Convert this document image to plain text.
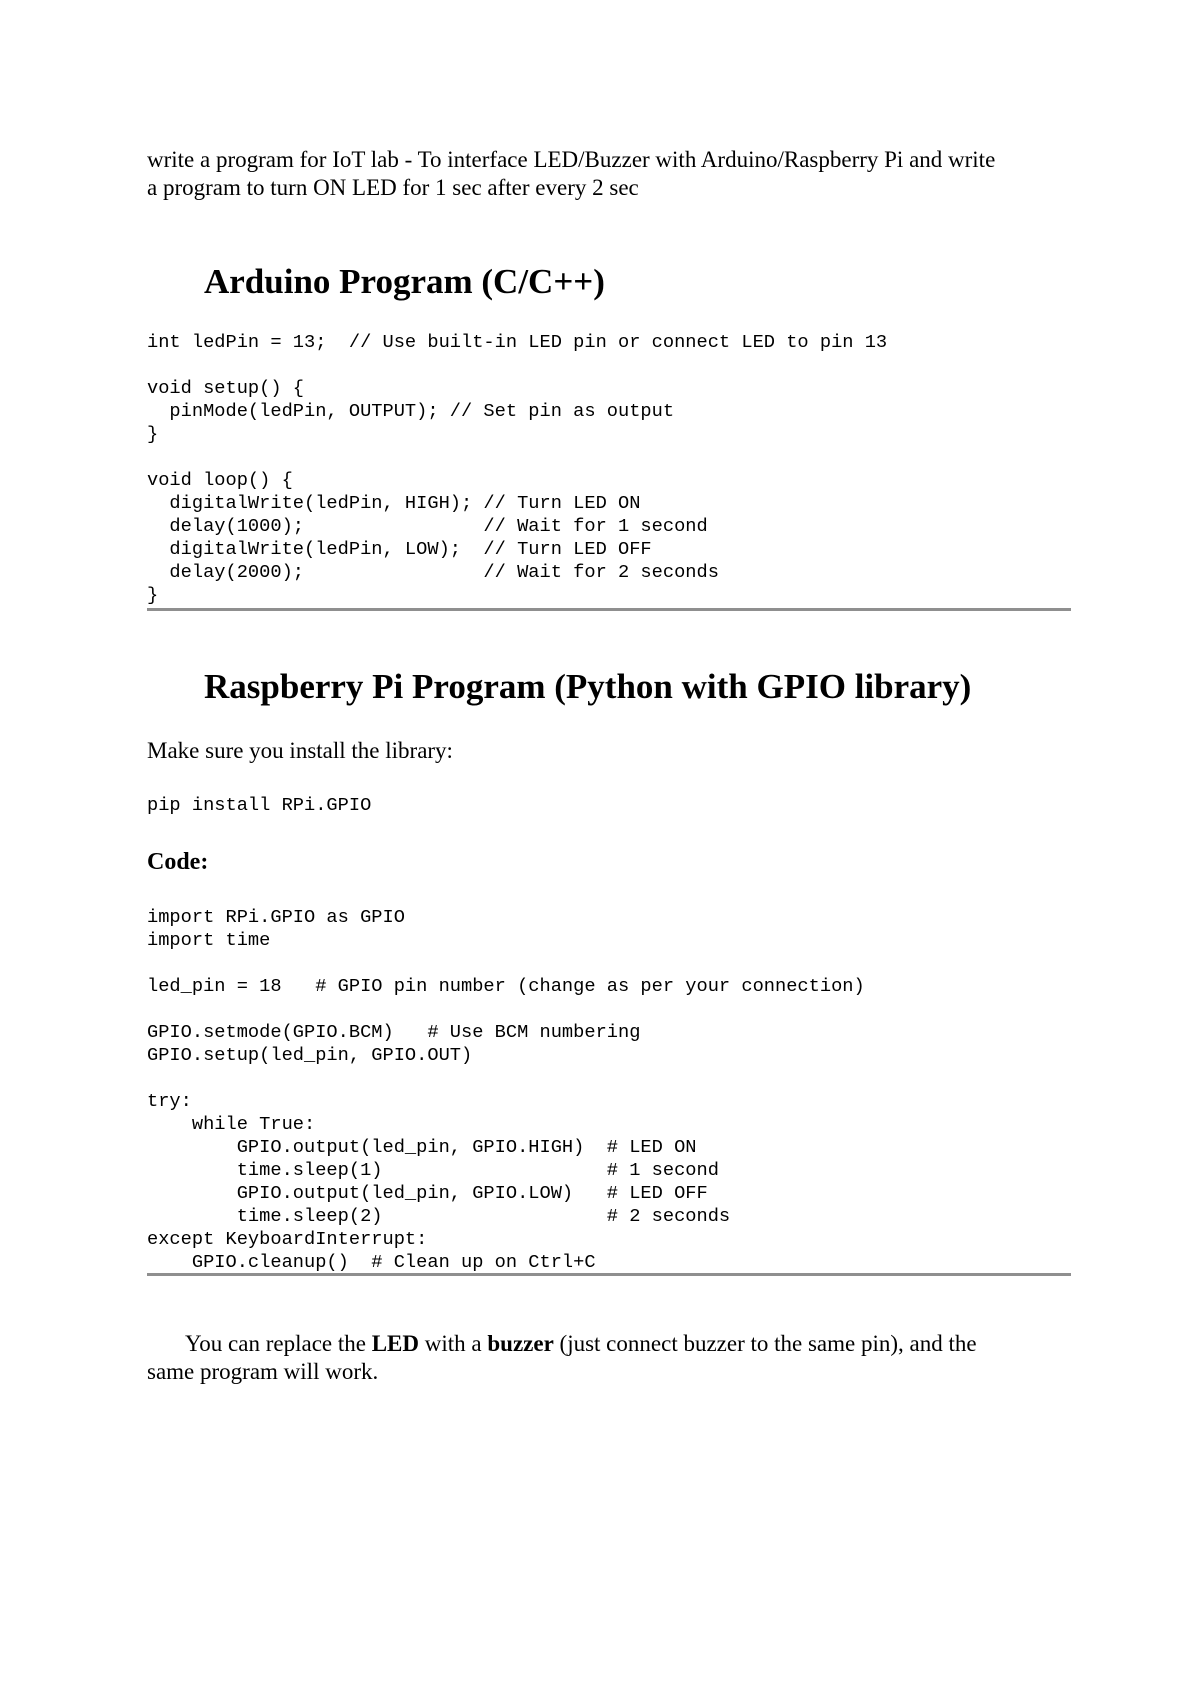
write a program for IoT lab - To interface LED/Buzzer with Arduino/Raspberry Pi and write
a program to turn ON LED for 1 sec after every 2 sec
Arduino Program (C/C++)
int ledPin = 13;  // Use built-in LED pin or connect LED to pin 13

void setup() {
pinMode(ledPin, OUTPUT); // Set pin as output
}

void loop() {
digitalWrite(ledPin, HIGH); // Turn LED ON
delay(1000);                // Wait for 1 second
digitalWrite(ledPin, LOW);  // Turn LED OFF
delay(2000);                // Wait for 2 seconds
}
Raspberry Pi Program (Python with GPIO library)
Make sure you install the library:
pip install RPi.GPIO
Code:
import RPi.GPIO as GPIO
import time

led_pin = 18   # GPIO pin number (change as per your connection)

GPIO.setmode(GPIO.BCM)   # Use BCM numbering
GPIO.setup(led_pin, GPIO.OUT)

try:
while True:
GPIO.output(led_pin, GPIO.HIGH)  # LED ON
time.sleep(1)                    # 1 second
GPIO.output(led_pin, GPIO.LOW)   # LED OFF
time.sleep(2)                    # 2 seconds
except KeyboardInterrupt:
GPIO.cleanup()  # Clean up on Ctrl+C
You can replace the LED with a buzzer (just connect buzzer to the same pin), and the
same program will work.
